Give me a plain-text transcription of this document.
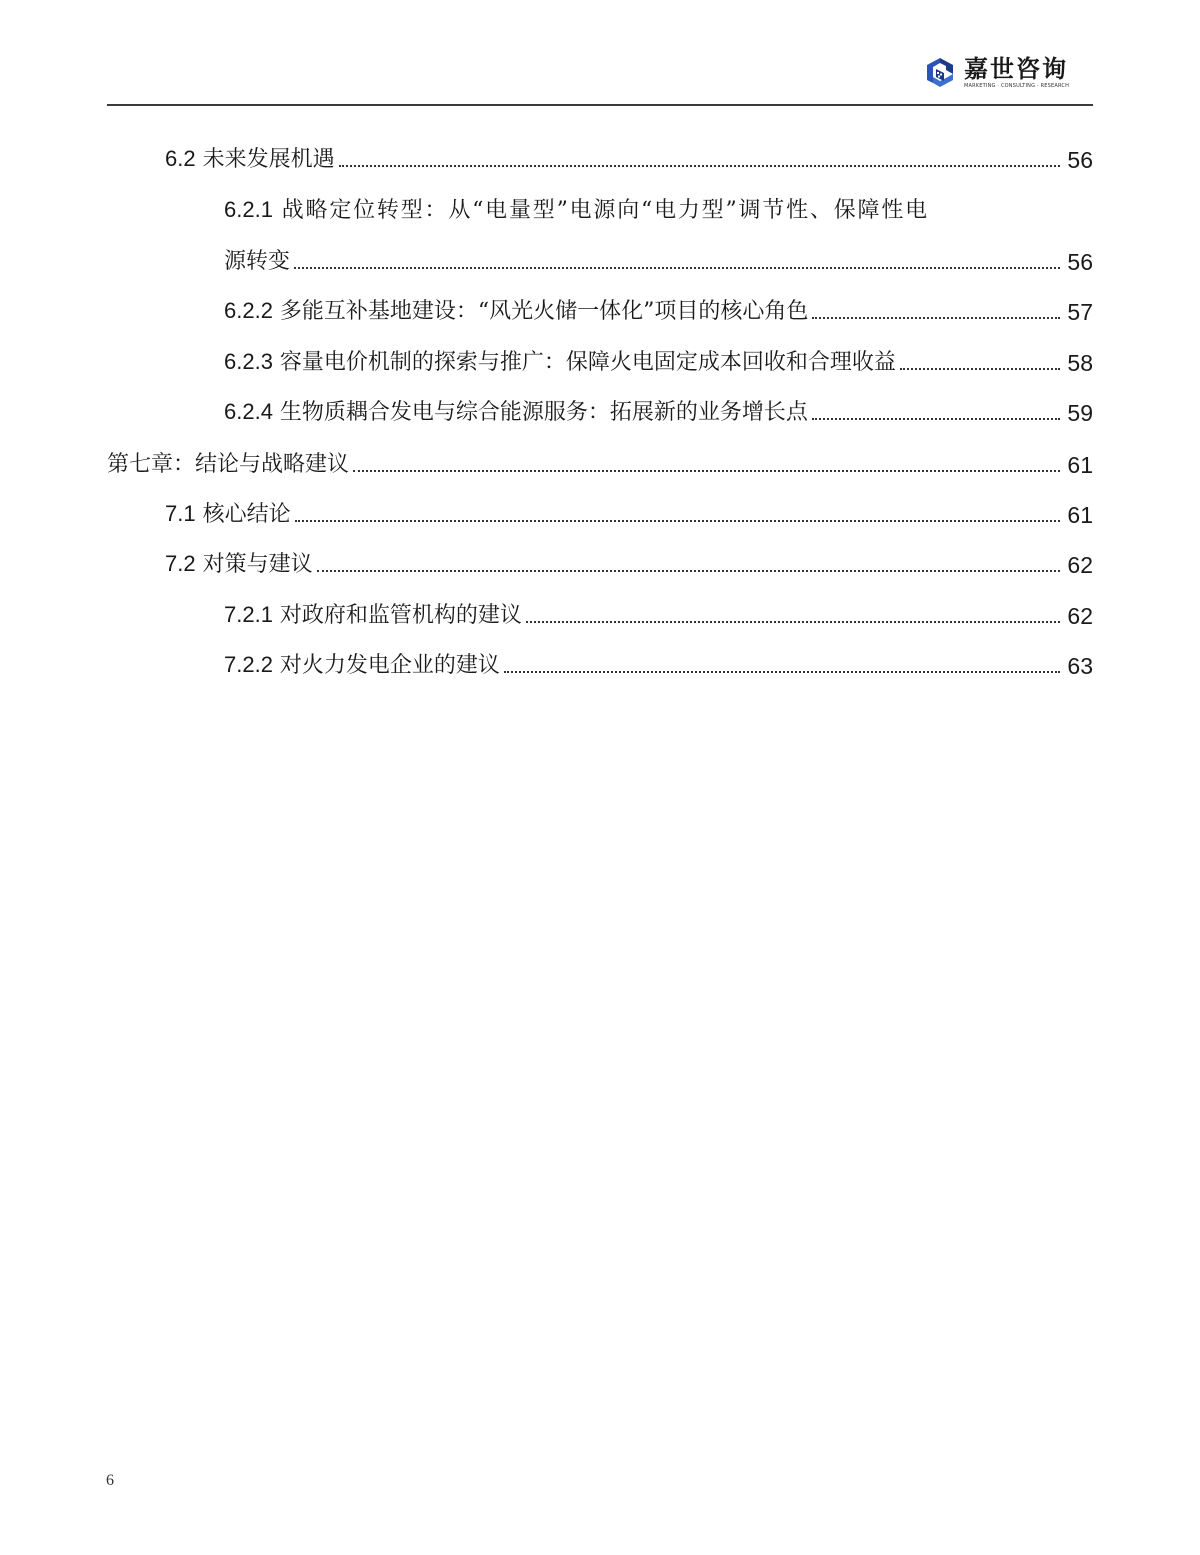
嘉世咨询
MARKETING · CONSULTING · RESEARCH
6.2 未来发展机遇	56
6.2.1 战略定位转型：从“电量型”电源向“电力型”调节性、保障性电
源转变	56
6.2.2 多能互补基地建设：“风光火储一体化”项目的核心角色	57
6.2.3 容量电价机制的探索与推广：保障火电固定成本回收和合理收益	58
6.2.4 生物质耦合发电与综合能源服务：拓展新的业务增长点	59
第七章：结论与战略建议	61
7.1 核心结论	61
7.2 对策与建议	62
7.2.1 对政府和监管机构的建议	62
7.2.2 对火力发电企业的建议	63
6
